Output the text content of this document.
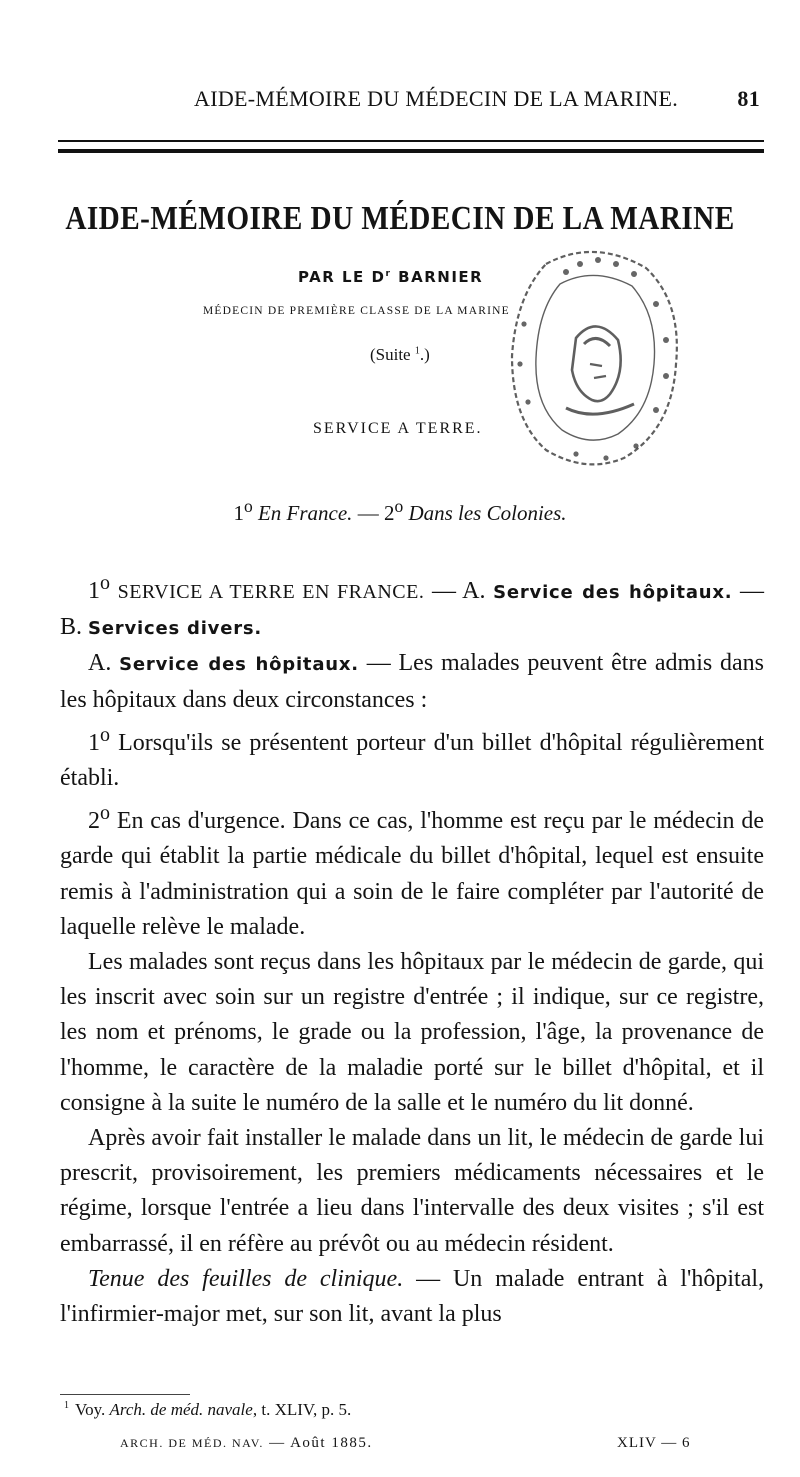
AIDE-MÉMOIRE DU MÉDECIN DE LA MARINE.	81
AIDE-MÉMOIRE DU MÉDECIN DE LA MARINE
PAR LE $D^r$ BARNIER
MÉDECIN DE PREMIÈRE CLASSE DE LA MARINE
(Suite $^1$.)
SERVICE A TERRE.
1$^o$ En France. — 2$^o$ Dans les Colonies.

1$^o$ SERVICE A TERRE EN FRANCE. — A. Service des hôpitaux. — B. Services divers.

A. Service des hôpitaux. — Les malades peuvent être admis dans les hôpitaux dans deux circonstances :

1$^o$ Lorsqu'ils se présentent porteur d'un billet d'hôpital régulièrement établi.

2$^o$ En cas d'urgence. Dans ce cas, l'homme est reçu par le médecin de garde qui établit la partie médicale du billet d'hôpital, lequel est ensuite remis à l'administration qui a soin de le faire compléter par l'autorité de laquelle relève le malade.

Les malades sont reçus dans les hôpitaux par le médecin de garde, qui les inscrit avec soin sur un registre d'entrée ; il indique, sur ce registre, les nom et prénoms, le grade ou la profession, l'âge, la provenance de l'homme, le caractère de la maladie porté sur le billet d'hôpital, et il consigne à la suite le numéro de la salle et le numéro du lit donné.

Après avoir fait installer le malade dans un lit, le médecin de garde lui prescrit, provisoirement, les premiers médicaments nécessaires et le régime, lorsque l'entrée a lieu dans l'intervalle des deux visites ; s'il est embarrassé, il en réfère au prévôt ou au médecin résident.

Tenue des feuilles de clinique. — Un malade entrant à l'hôpital, l'infirmier-major met, sur son lit, avant la plus

$^1$ Voy. Arch. de méd. navale, t. XLIV, p. 5.
ARCH. DE MÉD. NAV. — Août 1885.	XLIV — 6
